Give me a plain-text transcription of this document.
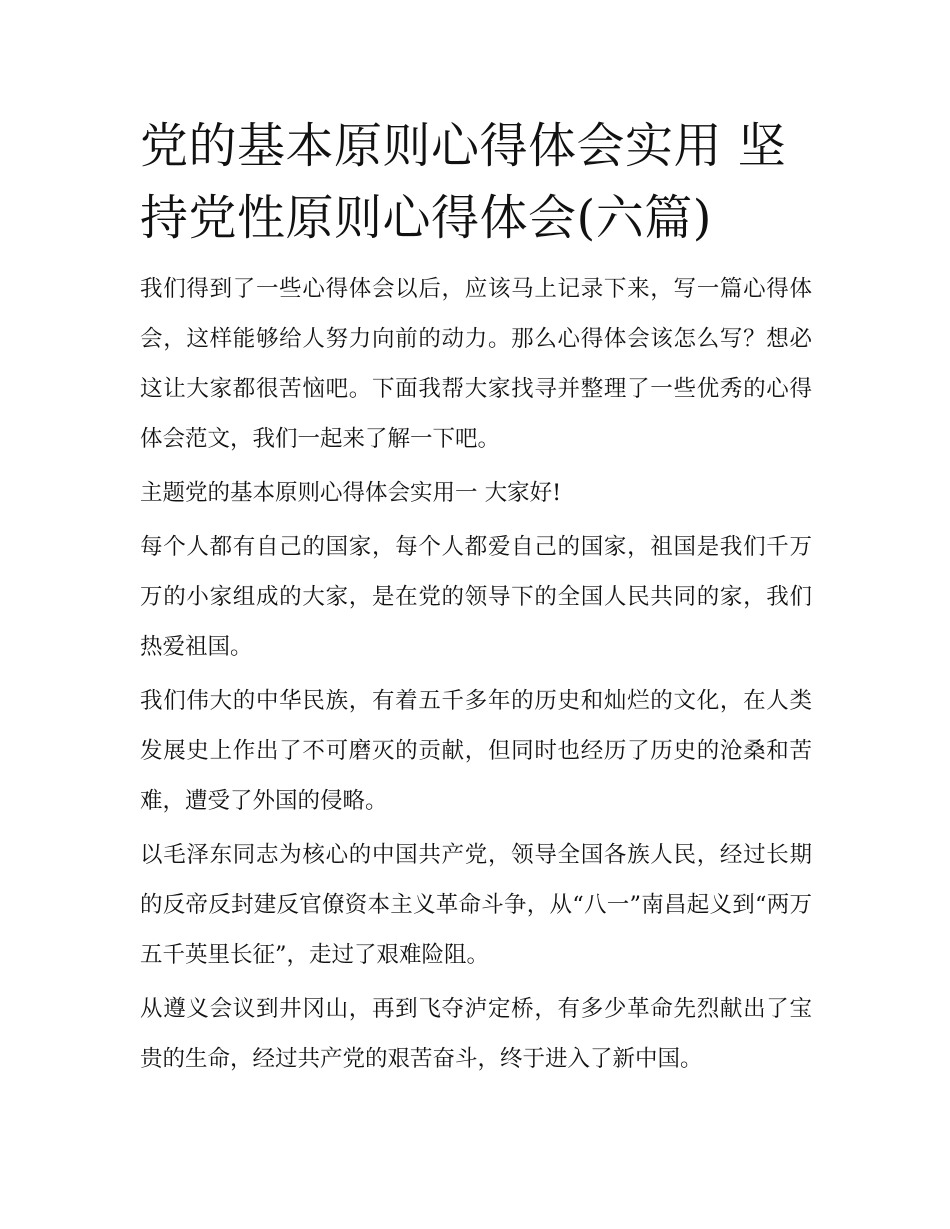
党的基本原则心得体会实用 坚持党性原则心得体会(六篇)

我们得到了一些心得体会以后，应该马上记录下来，写一篇心得体会，这样能够给人努力向前的动力。那么心得体会该怎么写？想必这让大家都很苦恼吧。下面我帮大家找寻并整理了一些优秀的心得体会范文，我们一起来了解一下吧。

主题党的基本原则心得体会实用一 大家好!

每个人都有自己的国家，每个人都爱自己的国家，祖国是我们千万万的小家组成的大家，是在党的领导下的全国人民共同的家，我们热爱祖国。

我们伟大的中华民族，有着五千多年的历史和灿烂的文化，在人类发展史上作出了不可磨灭的贡献，但同时也经历了历史的沧桑和苦难，遭受了外国的侵略。

以毛泽东同志为核心的中国共产党，领导全国各族人民，经过长期的反帝反封建反官僚资本主义革命斗争，从“八一”南昌起义到“两万五千英里长征”，走过了艰难险阻。

从遵义会议到井冈山，再到飞夺泸定桥，有多少革命先烈献出了宝贵的生命，经过共产党的艰苦奋斗，终于进入了新中国。
